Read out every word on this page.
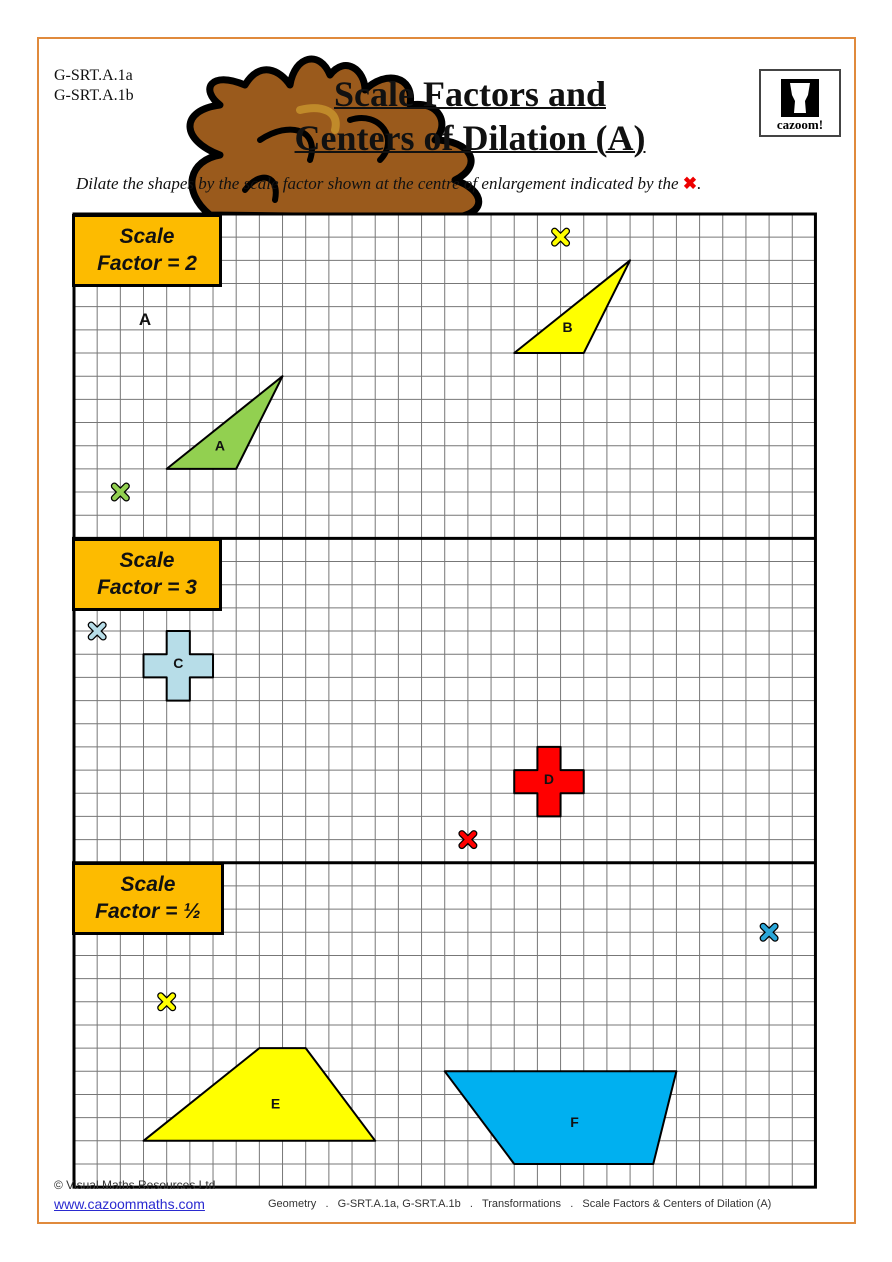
G-SRT.A.1a
G-SRT.A.1b	Scale Factors and
Centers of Dilation (A)	cazoom!
Dilate the shapes by the scale factor shown at the centre of enlargement indicated by the ✖.
A
A
B
C
D
E
F
Scale
Factor = 2
Scale
Factor = 3
Scale
Factor = ½
© Visual Maths Resources Ltd
www.cazoommaths.com	Geometry   .   G-SRT.A.1a, G-SRT.A.1b   .   Transformations   .   Scale Factors & Centers of Dilation (A)
